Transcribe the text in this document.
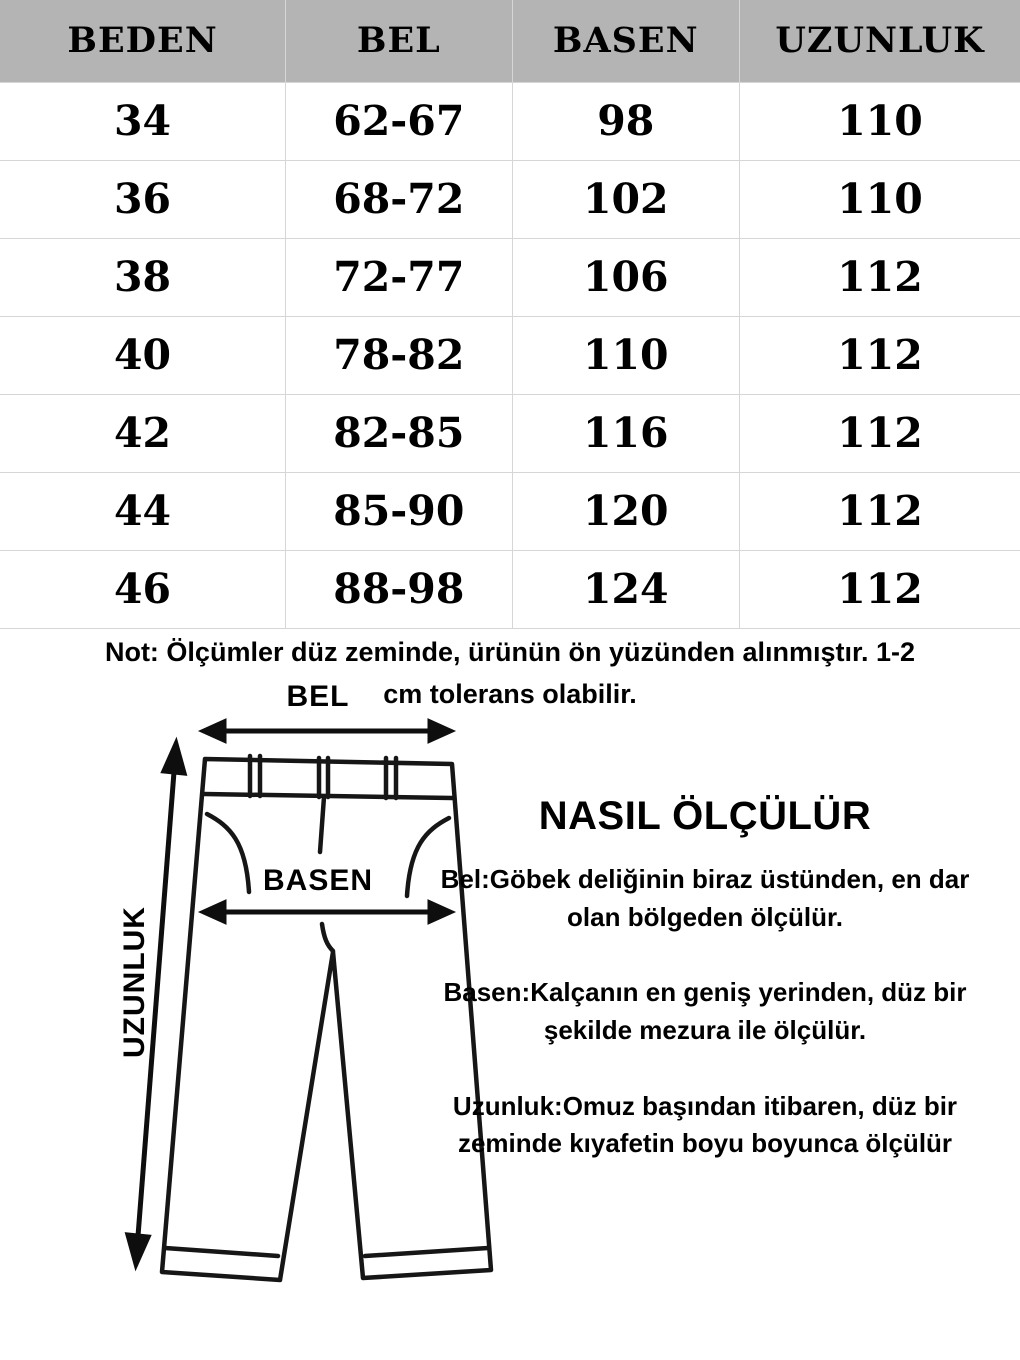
BEDEN	BEL	BASEN	UZUNLUK
34	62-67	98	110
36	68-72	102	110
38	72-77	106	112
40	78-82	110	112
42	82-85	116	112
44	85-90	120	112
46	88-98	124	112
Not: Ölçümler düz zeminde, ürünün ön yüzünden alınmıştır. 1-2
cm tolerans olabilir.
BEL
BASEN
UZUNLUK
NASIL ÖLÇÜLÜR

Bel:Göbek deliğinin biraz üstünden, en dar
olan bölgeden ölçülür.

Basen:Kalçanın en geniş yerinden, düz bir
şekilde mezura ile ölçülür.

Uzunluk:Omuz başından itibaren, düz bir
zeminde kıyafetin boyu boyunca ölçülür
